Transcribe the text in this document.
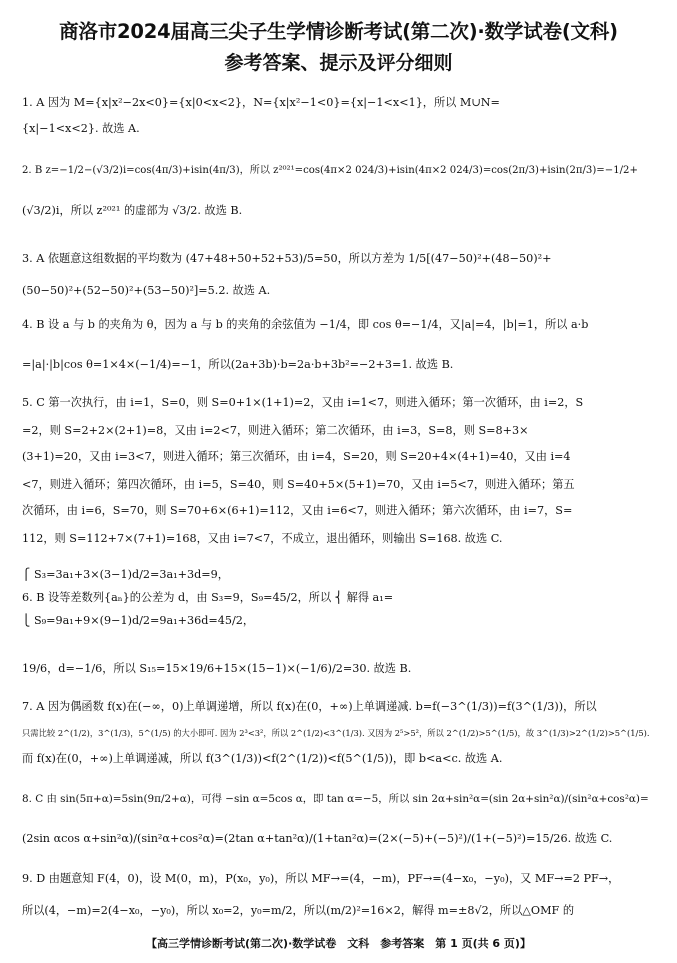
商洛市2024届高三尖子生学情诊断考试(第二次)·数学试卷(文科)
参考答案、提示及评分细则
1. A 因为 M={x|x²−2x<0}={x|0<x<2}，N={x|x²−1<0}={x|−1<x<1}，所以 M∪N=
{x|−1<x<2}. 故选 A.
2. B z=−1/2−(√3/2)i=cos(4π/3)+isin(4π/3)，所以 z²⁰²¹=cos(4π×2 024/3)+isin(4π×2 024/3)=cos(2π/3)+isin(2π/3)=−1/2+
(√3/2)i，所以 z²⁰²¹ 的虚部为 √3/2. 故选 B.
3. A 依题意这组数据的平均数为 (47+48+50+52+53)/5=50，所以方差为 1/5[(47−50)²+(48−50)²+
(50−50)²+(52−50)²+(53−50)²]=5.2. 故选 A.
4. B 设 a 与 b 的夹角为 θ，因为 a 与 b 的夹角的余弦值为 −1/4，即 cos θ=−1/4，又|a|=4，|b|=1，所以 a·b
=|a|·|b|cos θ=1×4×(−1/4)=−1，所以(2a+3b)·b=2a·b+3b²=−2+3=1. 故选 B.
5. C 第一次执行，由 i=1，S=0，则 S=0+1×(1+1)=2，又由 i=1<7，则进入循环；第一次循环，由 i=2，S
=2，则 S=2+2×(2+1)=8，又由 i=2<7，则进入循环；第二次循环，由 i=3，S=8，则 S=8+3×
(3+1)=20，又由 i=3<7，则进入循环；第三次循环，由 i=4，S=20，则 S=20+4×(4+1)=40，又由 i=4
<7，则进入循环；第四次循环，由 i=5，S=40，则 S=40+5×(5+1)=70，又由 i=5<7，则进入循环；第五
次循环，由 i=6，S=70，则 S=70+6×(6+1)=112，又由 i=6<7，则进入循环；第六次循环，由 i=7，S=
112，则 S=112+7×(7+1)=168，又由 i=7<7，不成立，退出循环，则输出 S=168. 故选 C.
⎧ S₃=3a₁+3×(3−1)d/2=3a₁+3d=9，
6. B 设等差数列{aₙ}的公差为 d，由 S₃=9，S₉=45/2，所以 ⎨ 解得 a₁=
⎩ S₉=9a₁+9×(9−1)d/2=9a₁+36d=45/2，
19/6，d=−1/6，所以 S₁₅=15×19/6+15×(15−1)×(−1/6)/2=30. 故选 B.
7. A 因为偶函数 f(x)在(−∞，0)上单调递增，所以 f(x)在(0，+∞)上单调递减. b=f(−3^(1/3))=f(3^(1/3))，所以
只需比较 2^(1/2)，3^(1/3)，5^(1/5) 的大小即可. 因为 2³<3²，所以 2^(1/2)<3^(1/3). 又因为 2⁵>5²，所以 2^(1/2)>5^(1/5)，故 3^(1/3)>2^(1/2)>5^(1/5).
而 f(x)在(0，+∞)上单调递减，所以 f(3^(1/3))<f(2^(1/2))<f(5^(1/5))，即 b<a<c. 故选 A.
8. C 由 sin(5π+α)=5sin(9π/2+α)，可得 −sin α=5cos α，即 tan α=−5，所以 sin 2α+sin²α=(sin 2α+sin²α)/(sin²α+cos²α)=
(2sin αcos α+sin²α)/(sin²α+cos²α)=(2tan α+tan²α)/(1+tan²α)=(2×(−5)+(−5)²)/(1+(−5)²)=15/26. 故选 C.
9. D 由题意知 F(4，0)，设 M(0，m)，P(x₀，y₀)，所以 MF→=(4，−m)，PF→=(4−x₀，−y₀)，又 MF→=2 PF→，
所以(4，−m)=2(4−x₀，−y₀)，所以 x₀=2，y₀=m/2，所以(m/2)²=16×2，解得 m=±8√2，所以△OMF 的
【高三学情诊断考试(第二次)·数学试卷　文科　参考答案　第 1 页(共 6 页)】
